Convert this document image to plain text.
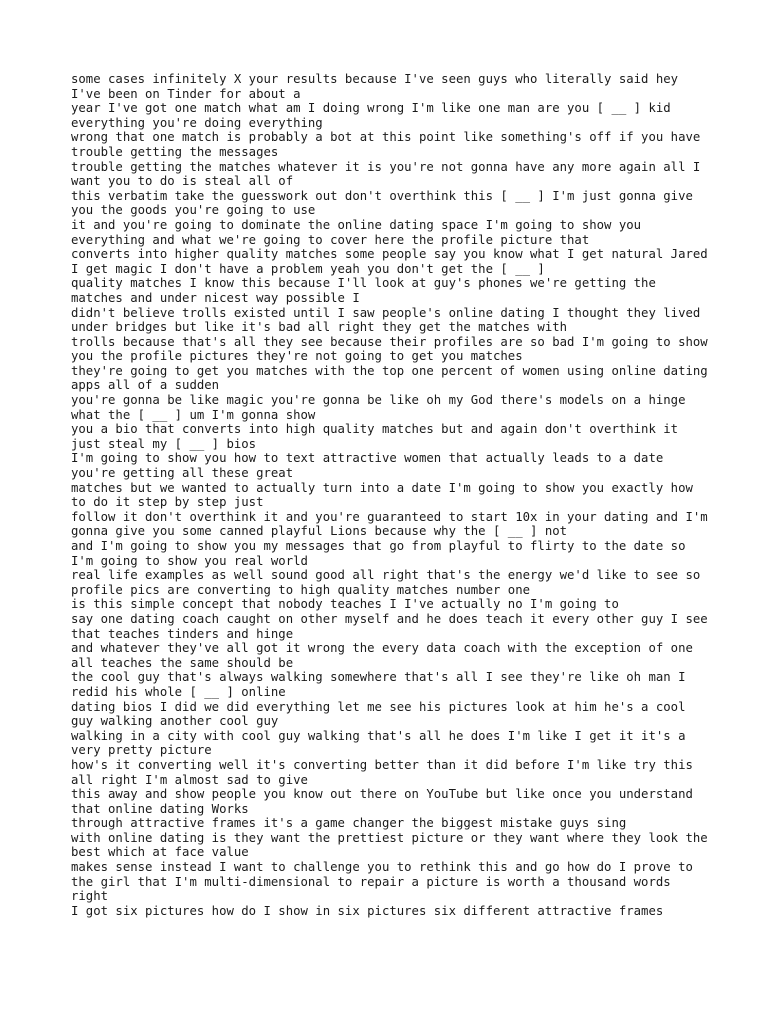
some cases infinitely X your results because I've seen guys who literally said hey I've been on Tinder for about a

year I've got one match what am I doing wrong I'm like one man are you [ __ ] kid everything you're doing everything

wrong that one match is probably a bot at this point like something's off if you have trouble getting the messages

trouble getting the matches whatever it is you're not gonna have any more again all I want you to do is steal all of

this verbatim take the guesswork out don't overthink this [ __ ] I'm just gonna give you the goods you're going to use

it and you're going to dominate the online dating space I'm going to show you everything and what we're going to cover here the profile picture that

converts into higher quality matches some people say you know what I get natural Jared I get magic I don't have a problem yeah you don't get the [ __ ]

quality matches I know this because I'll look at guy's phones we're getting the matches and under nicest way possible I

didn't believe trolls existed until I saw people's online dating I thought they lived under bridges but like it's bad all right they get the matches with

trolls because that's all they see because their profiles are so bad I'm going to show you the profile pictures they're not going to get you matches

they're going to get you matches with the top one percent of women using online dating apps all of a sudden

you're gonna be like magic you're gonna be like oh my God there's models on a hinge what the [ __ ] um I'm gonna show

you a bio that converts into high quality matches but and again don't overthink it just steal my [ __ ] bios

I'm going to show you how to text attractive women that actually leads to a date you're getting all these great

matches but we wanted to actually turn into a date I'm going to show you exactly how to do it step by step just

follow it don't overthink it and you're guaranteed to start 10x in your dating and I'm gonna give you some canned playful Lions because why the [ __ ] not

and I'm going to show you my messages that go from playful to flirty to the date so I'm going to show you real world

real life examples as well sound good all right that's the energy we'd like to see so profile pics are converting to high quality matches number one

is this simple concept that nobody teaches I I've actually no I'm going to

say one dating coach caught on other myself and he does teach it every other guy I see that teaches tinders and hinge

and whatever they've all got it wrong the every data coach with the exception of one all teaches the same should be

the cool guy that's always walking somewhere that's all I see they're like oh man I redid his whole [ __ ] online

dating bios I did we did everything let me see his pictures look at him he's a cool guy walking another cool guy

walking in a city with cool guy walking that's all he does I'm like I get it it's a very pretty picture

how's it converting well it's converting better than it did before I'm like try this all right I'm almost sad to give

this away and show people you know out there on YouTube but like once you understand that online dating Works

through attractive frames it's a game changer the biggest mistake guys sing

with online dating is they want the prettiest picture or they want where they look the best which at face value

makes sense instead I want to challenge you to rethink this and go how do I prove to

the girl that I'm multi-dimensional to repair a picture is worth a thousand words right

I got six pictures how do I show in six pictures six different attractive frames
